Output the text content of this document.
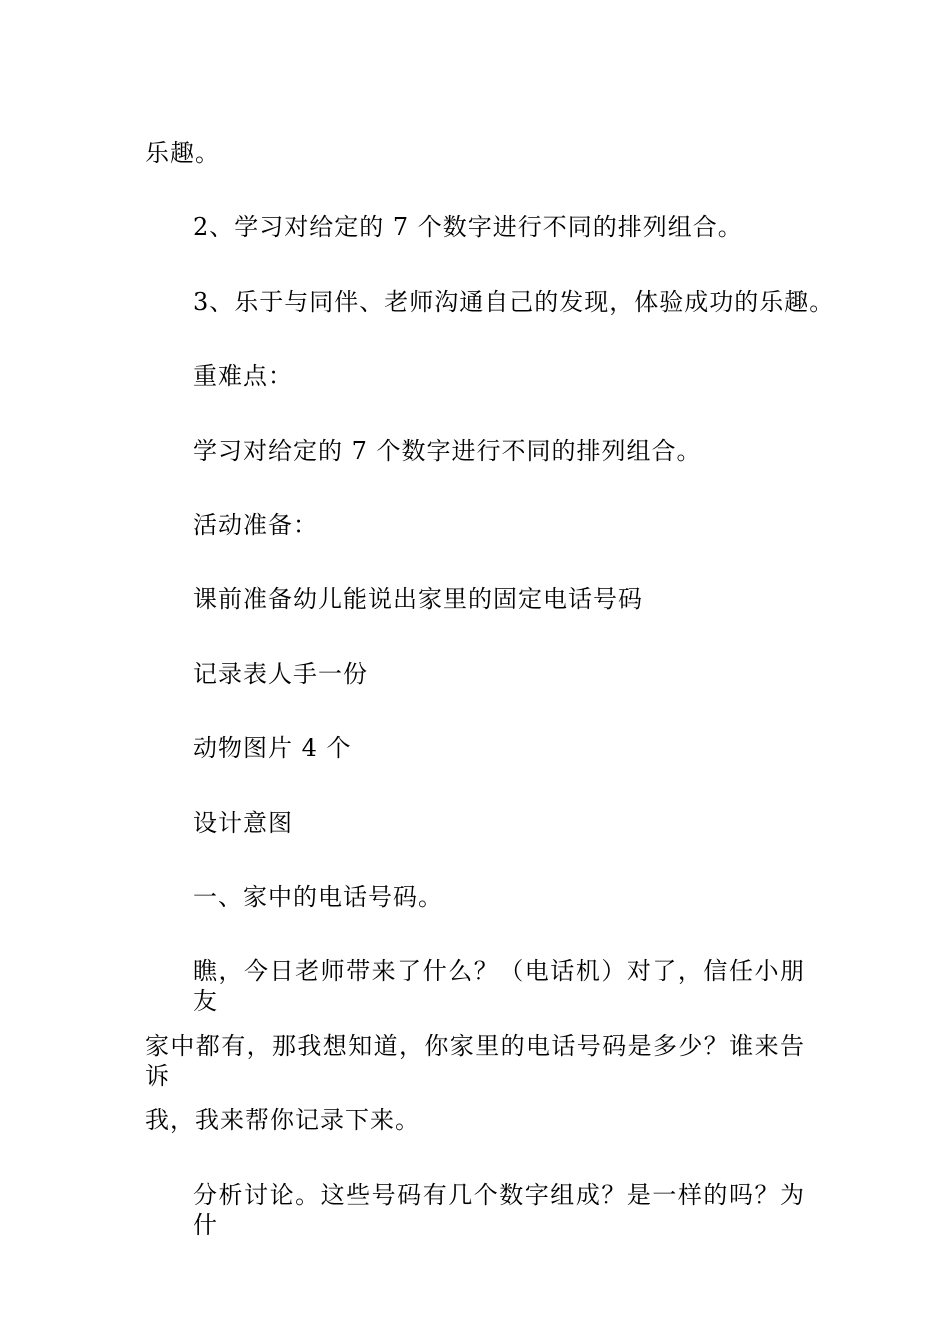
乐趣。
2、学习对给定的 7 个数字进行不同的排列组合。
3、乐于与同伴、老师沟通自己的发现，体验成功的乐趣。
重难点：
学习对给定的 7 个数字进行不同的排列组合。
活动准备：
课前准备幼儿能说出家里的固定电话号码
记录表人手一份
动物图片 4 个
设计意图
一、家中的电话号码。
瞧，今日老师带来了什么？（电话机）对了，信任小朋友
家中都有，那我想知道，你家里的电话号码是多少？谁来告诉
我，我来帮你记录下来。
分析讨论。这些号码有几个数字组成？是一样的吗？为什
